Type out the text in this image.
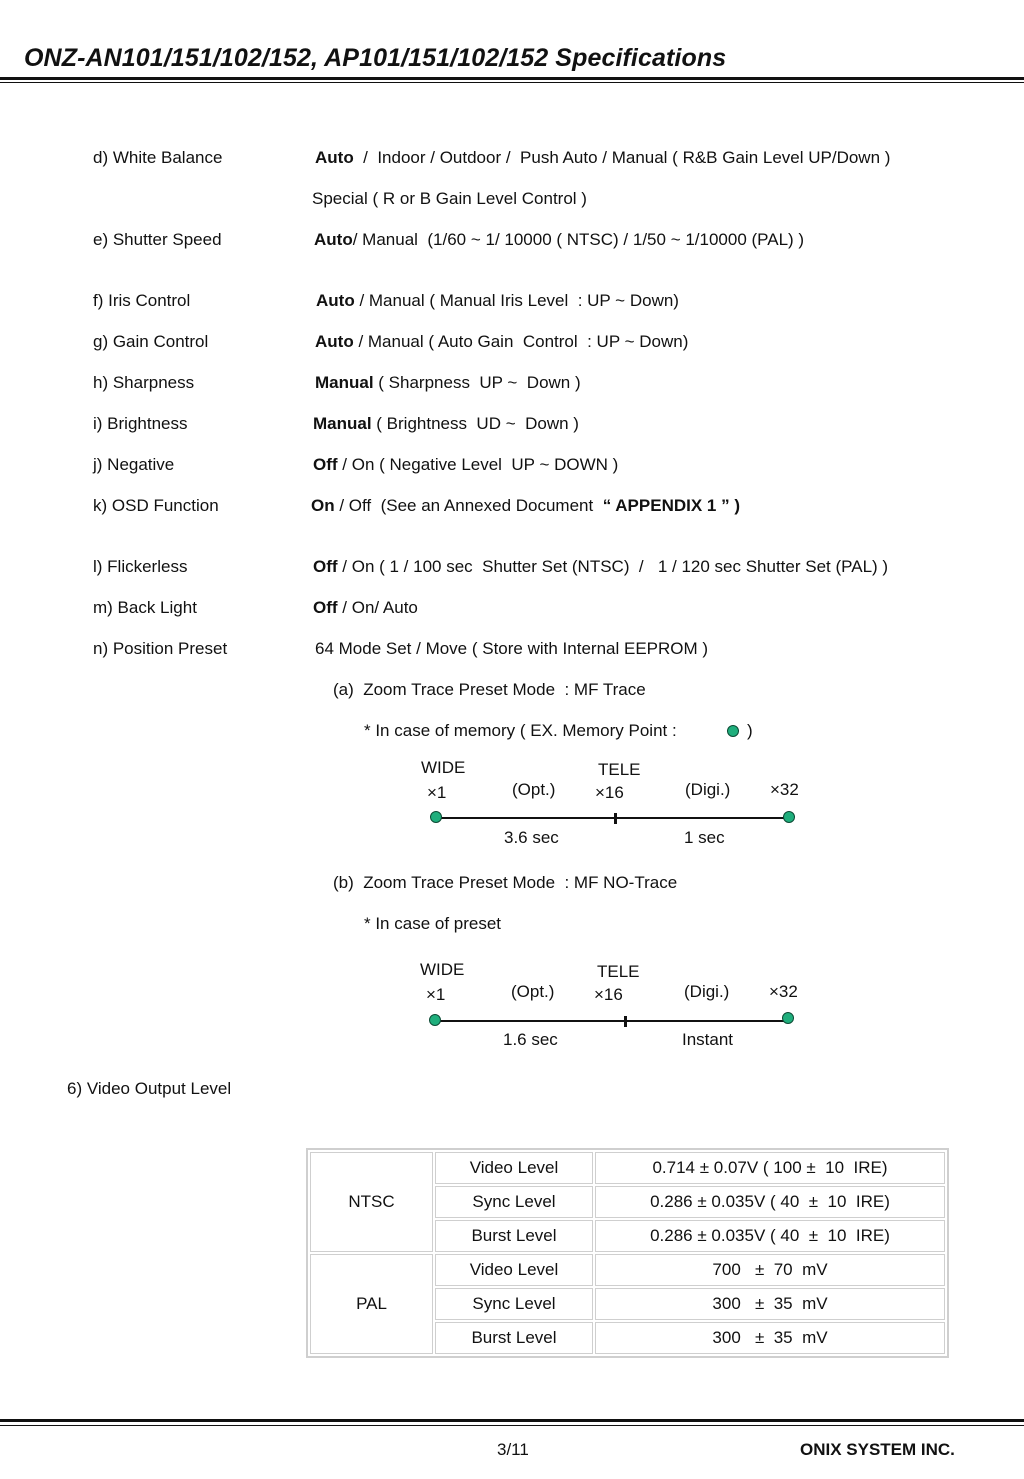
ONZ-AN101/151/102/152, AP101/151/102/152 Specifications
d) White Balance	Auto  /  Indoor / Outdoor /  Push Auto / Manual ( R&B Gain Level UP/Down )
Special ( R or B Gain Level Control )
e) Shutter Speed	Auto/ Manual  (1/60 ~ 1/ 10000 ( NTSC) / 1/50 ~ 1/10000 (PAL) )
f) Iris Control	Auto / Manual ( Manual Iris Level  : UP ~ Down)
g) Gain Control	Auto / Manual ( Auto Gain  Control  : UP ~ Down)
h) Sharpness	Manual ( Sharpness  UP ~  Down )
i) Brightness	Manual ( Brightness  UD ~  Down )
j) Negative	Off / On ( Negative Level  UP ~ DOWN )
k) OSD Function	On / Off  (See an Annexed Document  “ APPENDIX 1 ” )
l) Flickerless	Off / On ( 1 / 100 sec  Shutter Set (NTSC)  /   1 / 120 sec Shutter Set (PAL) )
m) Back Light	Off / On/ Auto
n) Position Preset	64 Mode Set / Move ( Store with Internal EEPROM )
(a)  Zoom Trace Preset Mode  : MF Trace
* In case of memory ( EX. Memory Point :	)
WIDE
×1	(Opt.)
TELE
×16	(Digi.) ×32
3.6 sec	1 sec
(b)  Zoom Trace Preset Mode  : MF NO-Trace
* In case of preset
WIDE
×1	(Opt.)
TELE
×16	(Digi.) ×32
1.6 sec	Instant
6) Video Output Level
NTSC	Video Level	0.714 ± 0.07V ( 100 ±  10  IRE)
	Sync Level	0.286 ± 0.035V ( 40  ±  10  IRE)
	Burst Level	0.286 ± 0.035V ( 40  ±  10  IRE)
PAL	Video Level	700   ±  70  mV
	Sync Level	300   ±  35  mV
	Burst Level	300   ±  35  mV
3/11	ONIX SYSTEM INC.
